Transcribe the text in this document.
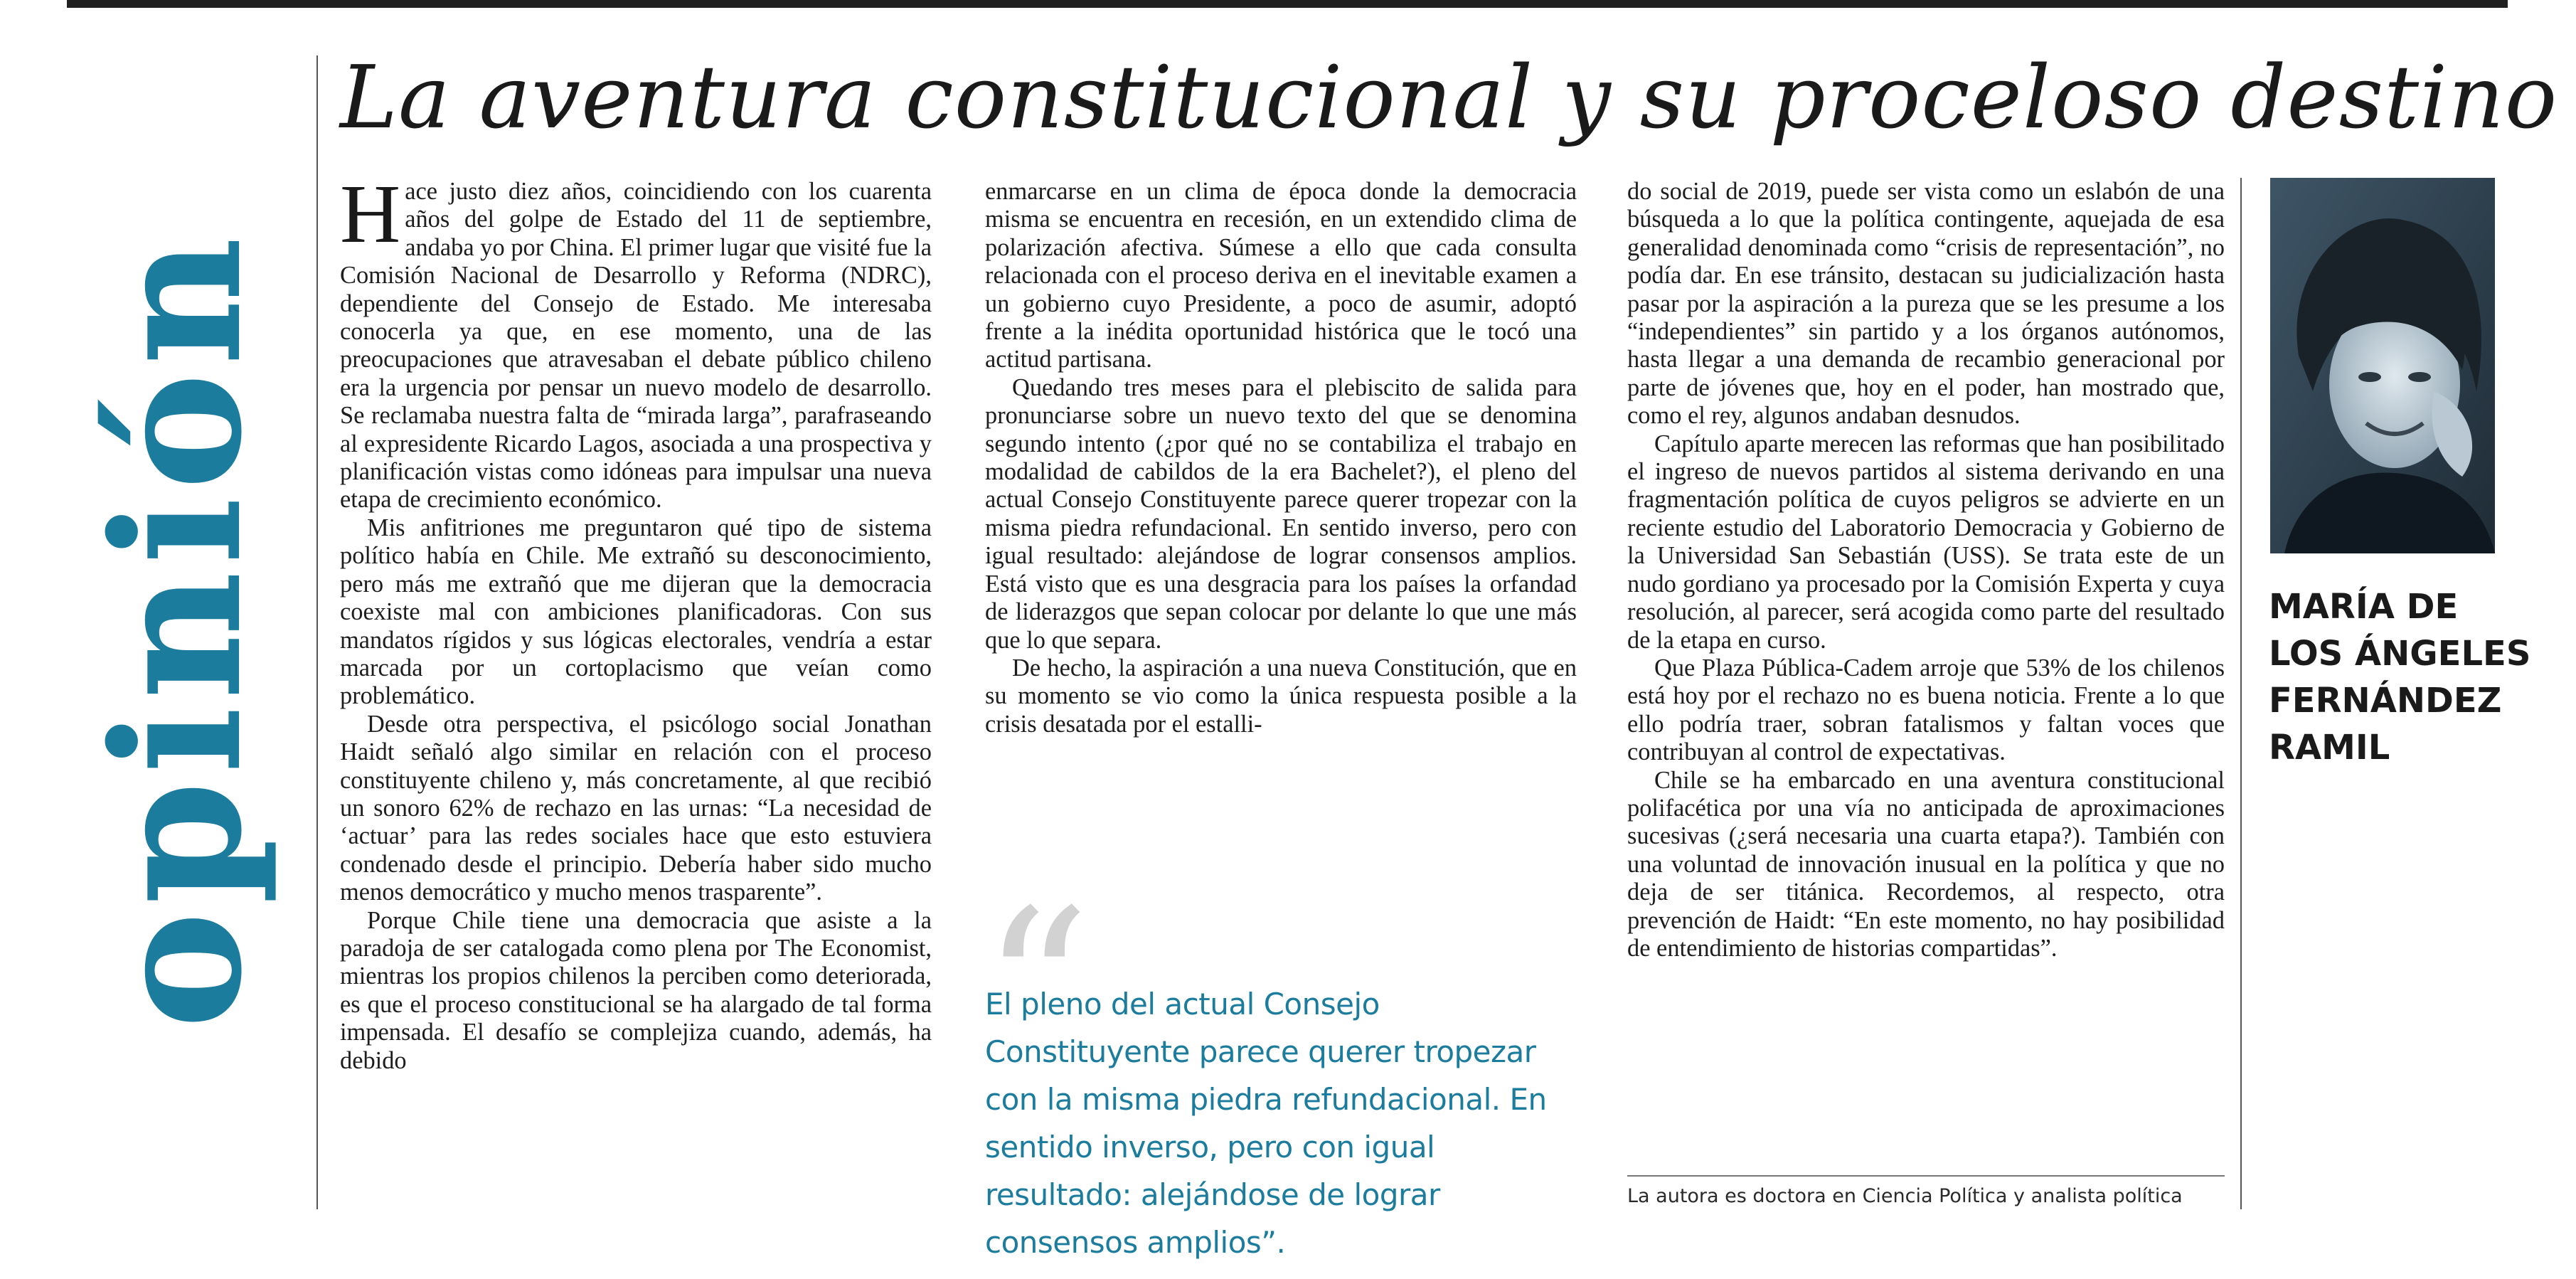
opinión
La aventura constitucional y su proceloso destino

Hace justo diez años, coincidiendo con los cuarenta años del golpe de Estado del 11 de septiembre, andaba yo por China. El primer lugar que visité fue la Comisión Nacional de Desarrollo y Reforma (NDRC), dependiente del Consejo de Estado. Me interesaba conocerla ya que, en ese momento, una de las preocupaciones que atravesaban el debate público chileno era la urgencia por pensar un nuevo modelo de desarrollo. Se reclamaba nuestra falta de “mirada larga”, parafraseando al expresidente Ricardo Lagos, asociada a una prospectiva y planificación vistas como idóneas para impulsar una nueva etapa de crecimiento económico.

Mis anfitriones me preguntaron qué tipo de sistema político había en Chile. Me extrañó su desconocimiento, pero más me extrañó que me dijeran que la democracia coexiste mal con ambiciones planificadoras. Con sus mandatos rígidos y sus lógicas electorales, vendría a estar marcada por un cortoplacismo que veían como problemático.

Desde otra perspectiva, el psicólogo social Jonathan Haidt señaló algo similar en relación con el proceso constituyente chileno y, más concretamente, al que recibió un sonoro 62% de rechazo en las urnas: “La necesidad de ‘actuar’ para las redes sociales hace que esto estuviera condenado desde el principio. Debería haber sido mucho menos democrático y mucho menos trasparente”.

Porque Chile tiene una democracia que asiste a la paradoja de ser catalogada como plena por The Economist, mientras los propios chilenos la perciben como deteriorada, es que el proceso constitucional se ha alargado de tal forma impensada. El desafío se complejiza cuando, además, ha debido

enmarcarse en un clima de época donde la democracia misma se encuentra en recesión, en un extendido clima de polarización afectiva. Súmese a ello que cada consulta relacionada con el proceso deriva en el inevitable examen a un gobierno cuyo Presidente, a poco de asumir, adoptó frente a la inédita oportunidad histórica que le tocó una actitud partisana.

Quedando tres meses para el plebiscito de salida para pronunciarse sobre un nuevo texto del que se denomina segundo intento (¿por qué no se contabiliza el trabajo en modalidad de cabildos de la era Bachelet?), el pleno del actual Consejo Constituyente parece querer tropezar con la misma piedra refundacional. En sentido inverso, pero con igual resultado: alejándose de lograr consensos amplios. Está visto que es una desgracia para los países la orfandad de liderazgos que sepan colocar por delante lo que une más que lo que separa.

De hecho, la aspiración a una nueva Constitución, que en su momento se vio como la única respuesta posible a la crisis desatada por el estalli-

“
El pleno del actual Consejo Constituyente parece querer tropezar con la misma piedra refundacional. En sentido inverso, pero con igual resultado: alejándose de lograr consensos amplios”.

do social de 2019, puede ser vista como un eslabón de una búsqueda a lo que la política contingente, aquejada de esa generalidad denominada como “crisis de representación”, no podía dar. En ese tránsito, destacan su judicialización hasta pasar por la aspiración a la pureza que se les presume a los “independientes” sin partido y a los órganos autónomos, hasta llegar a una demanda de recambio generacional por parte de jóvenes que, hoy en el poder, han mostrado que, como el rey, algunos andaban desnudos.

Capítulo aparte merecen las reformas que han posibilitado el ingreso de nuevos partidos al sistema derivando en una fragmentación política de cuyos peligros se advierte en un reciente estudio del Laboratorio Democracia y Gobierno de la Universidad San Sebastián (USS). Se trata este de un nudo gordiano ya procesado por la Comisión Experta y cuya resolución, al parecer, será acogida como parte del resultado de la etapa en curso.

Que Plaza Pública-Cadem arroje que 53% de los chilenos está hoy por el rechazo no es buena noticia. Frente a lo que ello podría traer, sobran fatalismos y faltan voces que contribuyan al control de expectativas.

Chile se ha embarcado en una aventura constitucional polifacética por una vía no anticipada de aproximaciones sucesivas (¿será necesaria una cuarta etapa?). También con una voluntad de innovación inusual en la política y que no deja de ser titánica. Recordemos, al respecto, otra prevención de Haidt: “En este momento, no hay posibilidad de entendimiento de historias compartidas”.

La autora es doctora en Ciencia Política y analista política
MARÍA DE
LOS ÁNGELES
FERNÁNDEZ
RAMIL
